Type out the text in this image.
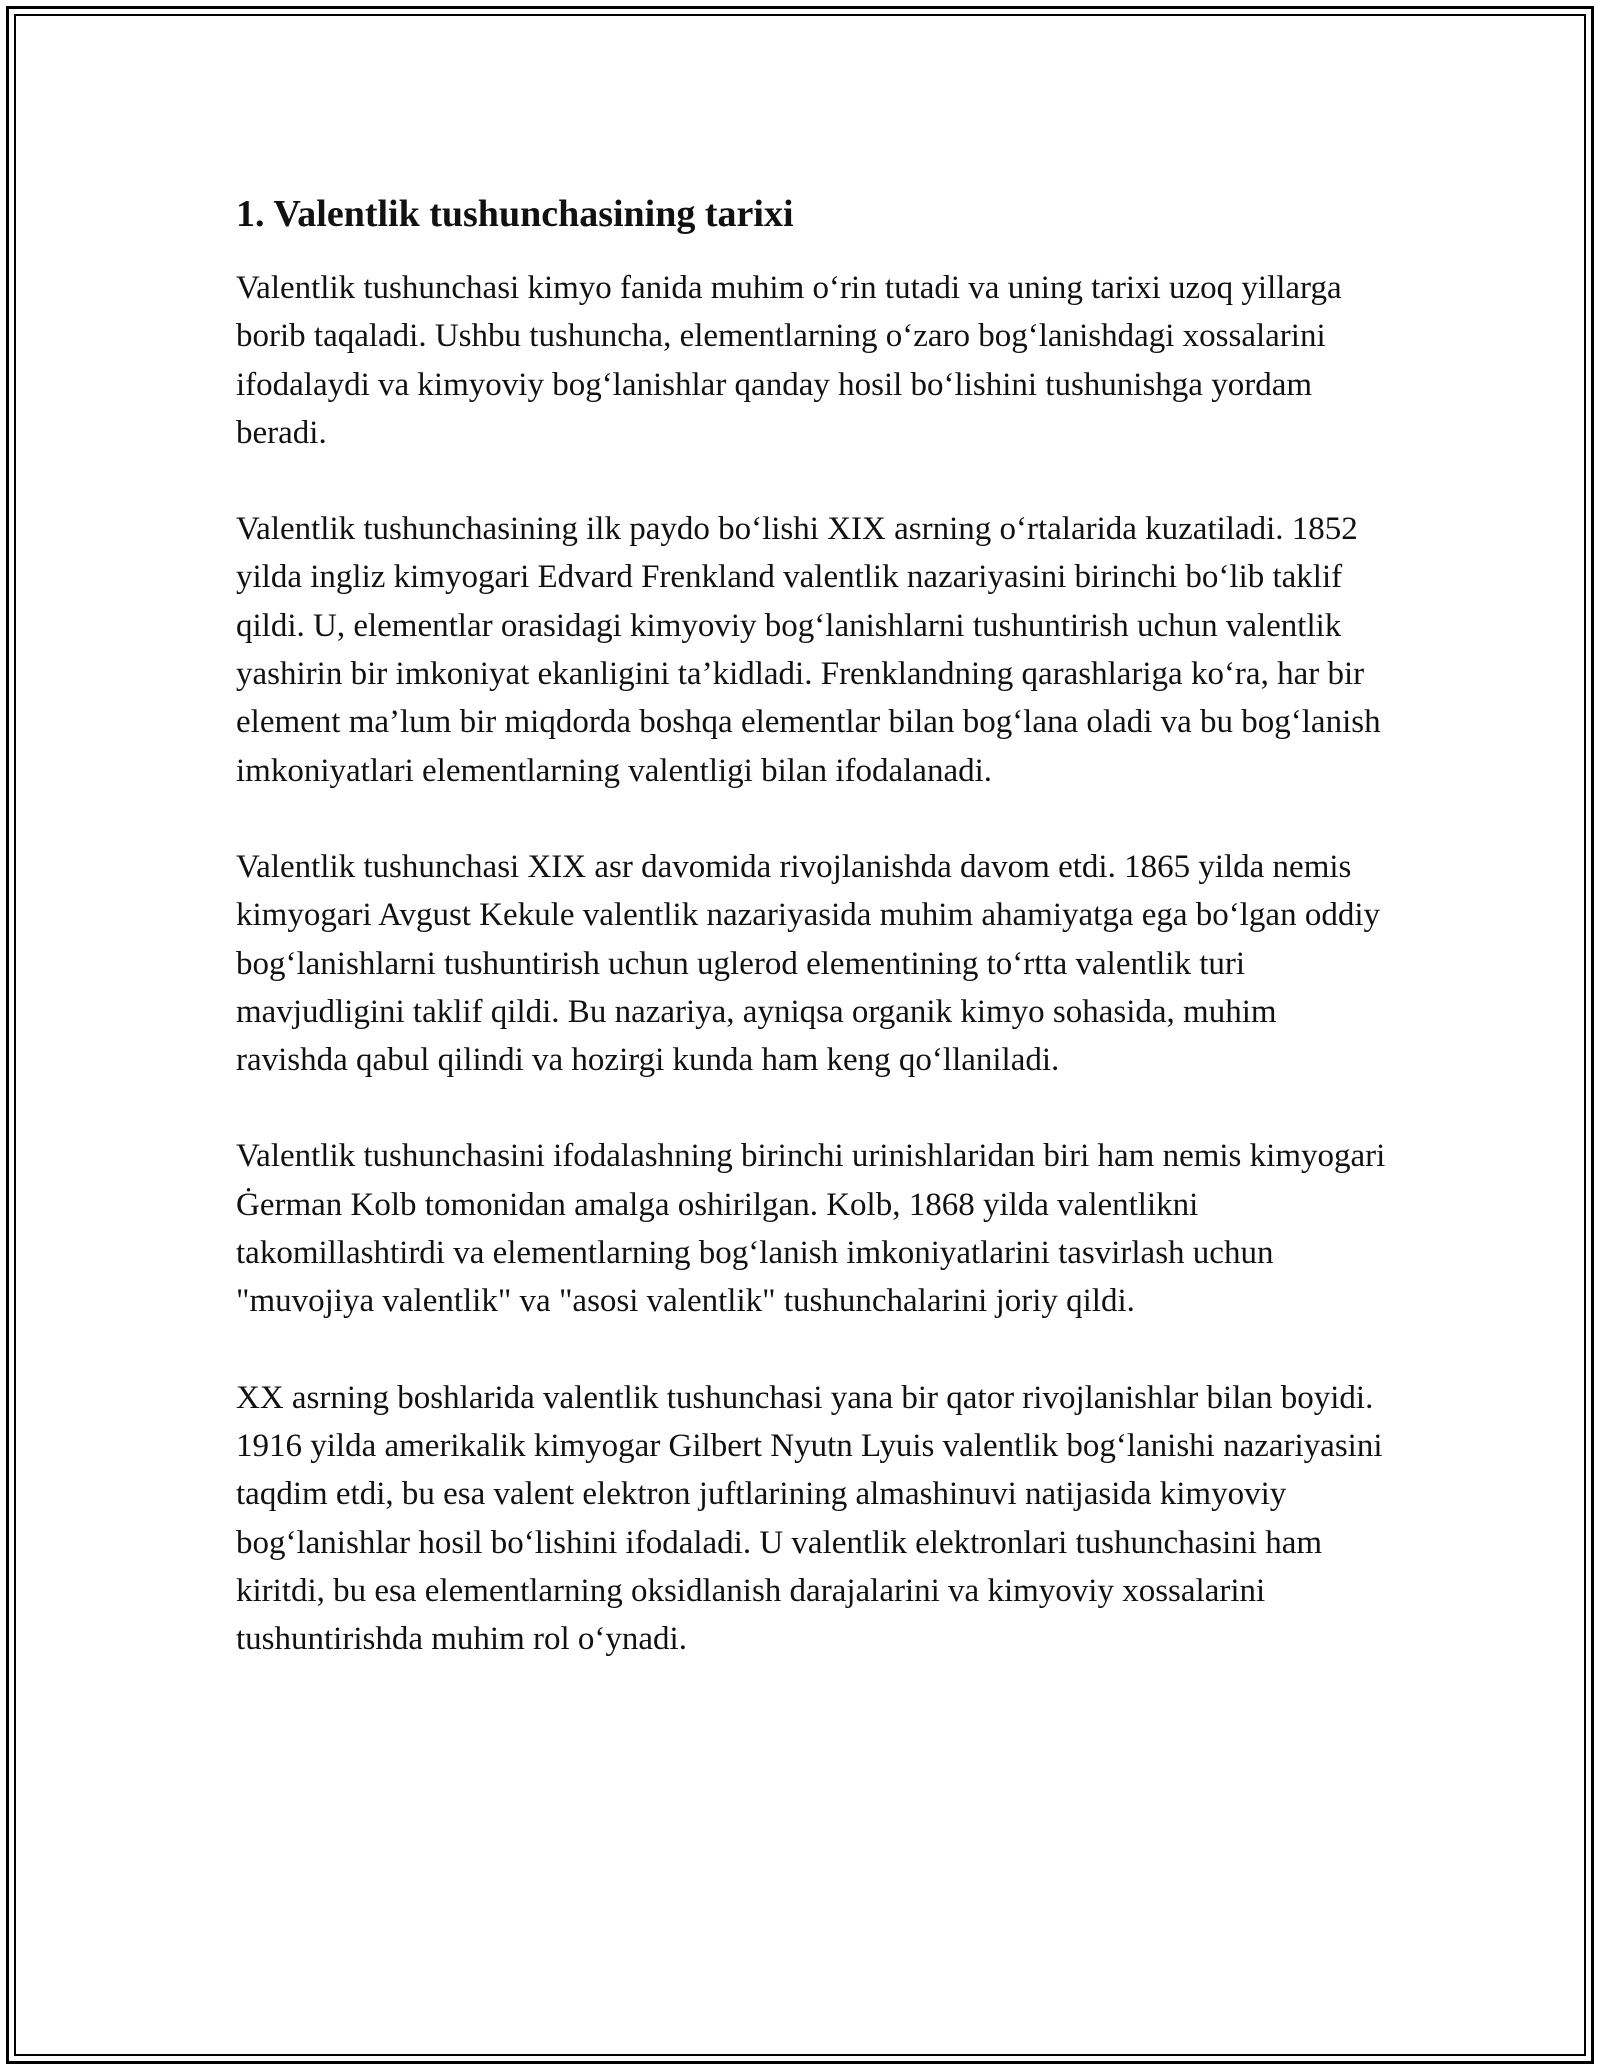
1. Valentlik tushunchasining tarixi

Valentlik tushunchasi kimyo fanida muhim o‘rin tutadi va uning tarixi uzoq yillarga borib taqaladi. Ushbu tushuncha, elementlarning o‘zaro bog‘lanishdagi xossalarini ifodalaydi va kimyoviy bog‘lanishlar qanday hosil bo‘lishini tushunishga yordam beradi.

Valentlik tushunchasining ilk paydo bo‘lishi XIX asrning o‘rtalarida kuzatiladi. 1852 yilda ingliz kimyogari Edvard Frenkland valentlik nazariyasini birinchi bo‘lib taklif qildi. U, elementlar orasidagi kimyoviy bog‘lanishlarni tushuntirish uchun valentlik yashirin bir imkoniyat ekanligini ta’kidladi. Frenklandning qarashlariga ko‘ra, har bir element ma’lum bir miqdorda boshqa elementlar bilan bog‘lana oladi va bu bog‘lanish imkoniyatlari elementlarning valentligi bilan ifodalanadi.

Valentlik tushunchasi XIX asr davomida rivojlanishda davom etdi. 1865 yilda nemis kimyogari Avgust Kekule valentlik nazariyasida muhim ahamiyatga ega bo‘lgan oddiy bog‘lanishlarni tushuntirish uchun uglerod elementining to‘rtta valentlik turi mavjudligini taklif qildi. Bu nazariya, ayniqsa organik kimyo sohasida, muhim ravishda qabul qilindi va hozirgi kunda ham keng qo‘llaniladi.

Valentlik tushunchasini ifodalashning birinchi urinishlaridan biri ham nemis kimyogari Ġerman Kolb tomonidan amalga oshirilgan. Kolb, 1868 yilda valentlikni takomillashtirdi va elementlarning bog‘lanish imkoniyatlarini tasvirlash uchun "muvojiya valentlik" va "asosi valentlik" tushunchalarini joriy qildi.

XX asrning boshlarida valentlik tushunchasi yana bir qator rivojlanishlar bilan boyidi. 1916 yilda amerikalik kimyogar Gilbert Nyutn Lyuis valentlik bog‘lanishi nazariyasini taqdim etdi, bu esa valent elektron juftlarining almashinuvi natijasida kimyoviy bog‘lanishlar hosil bo‘lishini ifodaladi. U valentlik elektronlari tushunchasini ham kiritdi, bu esa elementlarning oksidlanish darajalarini va kimyoviy xossalarini tushuntirishda muhim rol o‘ynadi.
